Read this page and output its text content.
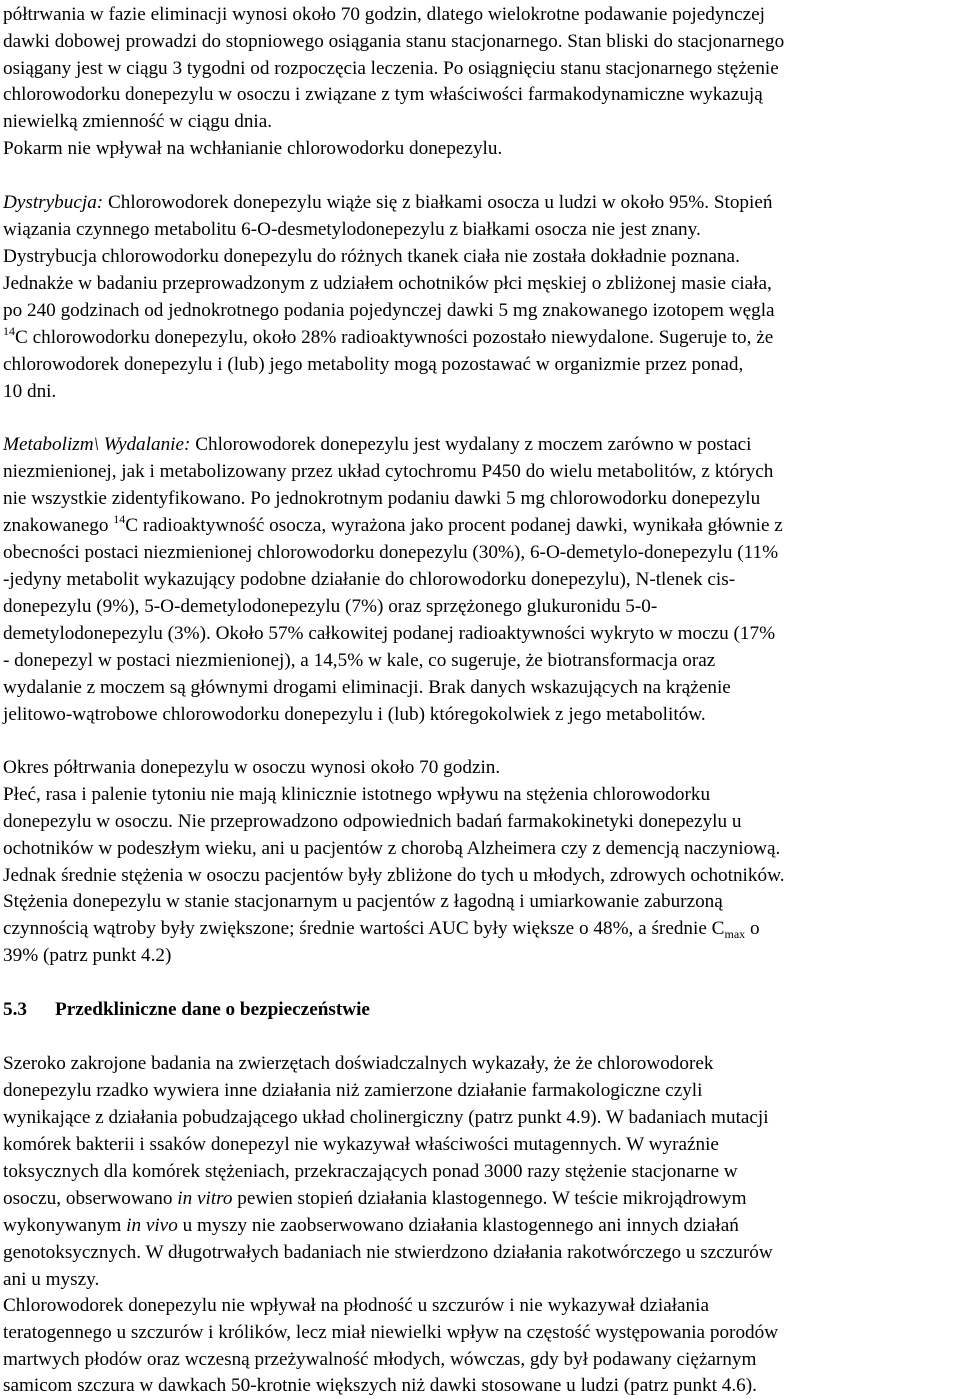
półtrwania w fazie eliminacji wynosi około 70 godzin, dlatego wielokrotne podawanie pojedynczej
dawki dobowej prowadzi do stopniowego osiągania stanu stacjonarnego. Stan bliski do stacjonarnego
osiągany jest w ciągu 3 tygodni od rozpoczęcia leczenia. Po osiągnięciu stanu stacjonarnego stężenie
chlorowodorku donepezylu w osoczu i związane z tym właściwości farmakodynamiczne wykazują
niewielką zmienność w ciągu dnia.
Pokarm nie wpływał na wchłanianie chlorowodorku donepezylu.
Dystrybucja: Chlorowodorek donepezylu wiąże się z białkami osocza u ludzi w około 95%. Stopień
wiązania czynnego metabolitu 6-O-desmetylodonepezylu z białkami osocza nie jest znany.
Dystrybucja chlorowodorku donepezylu do różnych tkanek ciała nie została dokładnie poznana.
Jednakże w badaniu przeprowadzonym z udziałem ochotników płci męskiej o zbliżonej masie ciała,
po 240 godzinach od jednokrotnego podania pojedynczej dawki 5 mg znakowanego izotopem węgla
$^{14}$C chlorowodorku donepezylu, około 28% radioaktywności pozostało niewydalone. Sugeruje to, że
chlorowodorek donepezylu i (lub) jego metabolity mogą pozostawać w organizmie przez ponad,
10 dni.
Metabolizm\ Wydalanie: Chlorowodorek donepezylu jest wydalany z moczem zarówno w postaci
niezmienionej, jak i metabolizowany przez układ cytochromu P450 do wielu metabolitów, z których
nie wszystkie zidentyfikowano. Po jednokrotnym podaniu dawki 5 mg chlorowodorku donepezylu
znakowanego $^{14}$C radioaktywność osocza, wyrażona jako procent podanej dawki, wynikała głównie z
obecności postaci niezmienionej chlorowodorku donepezylu (30%), 6-O-demetylo-donepezylu (11%
-jedyny metabolit wykazujący podobne działanie do chlorowodorku donepezylu), N-tlenek cis-
donepezylu (9%), 5-O-demetylodonepezylu (7%) oraz sprzężonego glukuronidu 5-0-
demetylodonepezylu (3%). Około 57% całkowitej podanej radioaktywności wykryto w moczu (17%
- donepezyl w postaci niezmienionej), a 14,5% w kale, co sugeruje, że biotransformacja oraz
wydalanie z moczem są głównymi drogami eliminacji. Brak danych wskazujących na krążenie
jelitowo-wątrobowe chlorowodorku donepezylu i (lub) któregokolwiek z jego metabolitów.
Okres półtrwania donepezylu w osoczu wynosi około 70 godzin.
Płeć, rasa i palenie tytoniu nie mają klinicznie istotnego wpływu na stężenia chlorowodorku
donepezylu w osoczu. Nie przeprowadzono odpowiednich badań farmakokinetyki donepezylu u
ochotników w podeszłym wieku, ani u pacjentów z chorobą Alzheimera czy z demencją naczyniową.
Jednak średnie stężenia w osoczu pacjentów były zbliżone do tych u młodych, zdrowych ochotników.
Stężenia donepezylu w stanie stacjonarnym u pacjentów z łagodną i umiarkowanie zaburzoną
czynnością wątroby były zwiększone; średnie wartości AUC były większe o 48%, a średnie $C_{max}$ o
39% (patrz punkt 4.2)
5.3 Przedkliniczne dane o bezpieczeństwie
Szeroko zakrojone badania na zwierzętach doświadczalnych wykazały, że że chlorowodorek
donepezylu rzadko wywiera inne działania niż zamierzone działanie farmakologiczne czyli
wynikające z działania pobudzającego układ cholinergiczny (patrz punkt 4.9). W badaniach mutacji
komórek bakterii i ssaków donepezyl nie wykazywał właściwości mutagennych. W wyraźnie
toksycznych dla komórek stężeniach, przekraczających ponad 3000 razy stężenie stacjonarne w
osoczu, obserwowano in vitro pewien stopień działania klastogennego. W teście mikrojądrowym
wykonywanym in vivo u myszy nie zaobserwowano działania klastogennego ani innych działań
genotoksycznych. W długotrwałych badaniach nie stwierdzono działania rakotwórczego u szczurów
ani u myszy.
Chlorowodorek donepezylu nie wpływał na płodność u szczurów i nie wykazywał działania
teratogennego u szczurów i królików, lecz miał niewielki wpływ na częstość występowania porodów
martwych płodów oraz wczesną przeżywalność młodych, wówczas, gdy był podawany ciężarnym
samicom szczura w dawkach 50-krotnie większych niż dawki stosowane u ludzi (patrz punkt 4.6).
